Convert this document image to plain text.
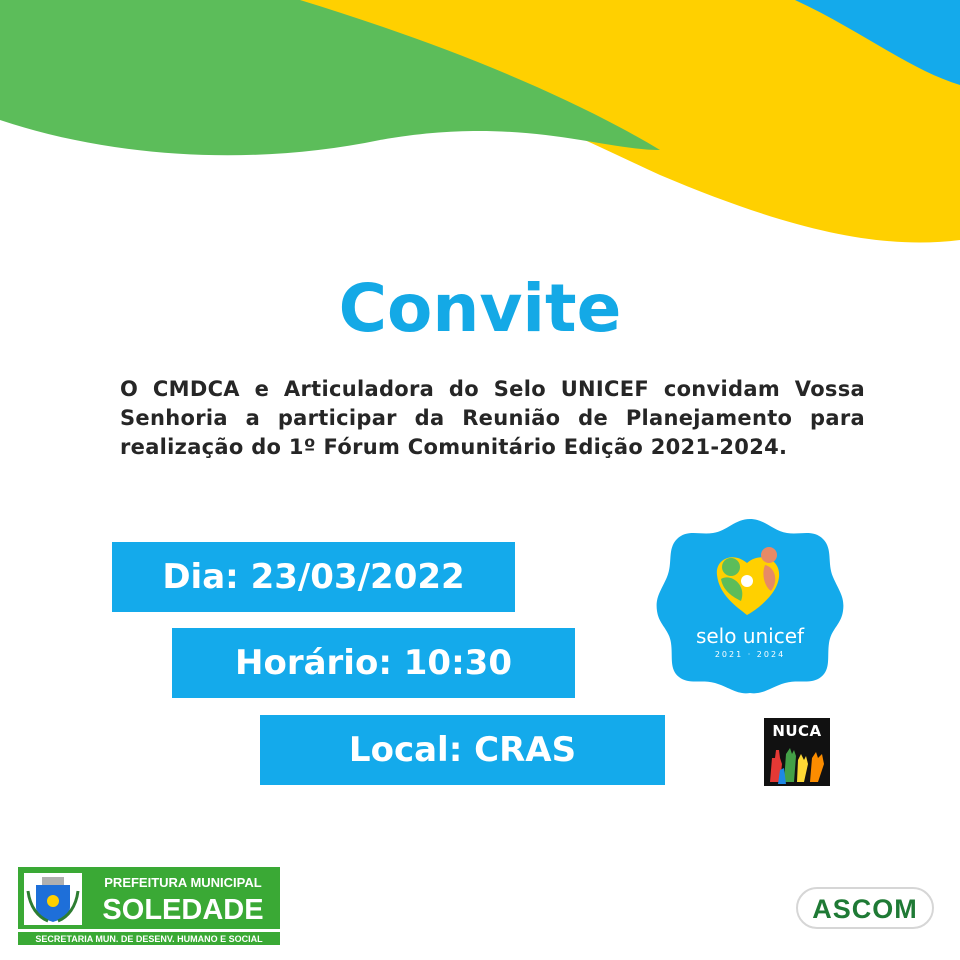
Convite
O CMDCA e Articuladora do Selo UNICEF convidam Vossa Senhoria a participar da Reunião de Planejamento para realização do 1º Fórum Comunitário Edição 2021-2024.
Dia: 23/03/2022
Horário: 10:30
Local: CRAS
selo unicef
2021 · 2024
NUCA
PREFEITURA MUNICIPAL
SOLEDADE
SECRETARIA MUN. DE DESENV. HUMANO E SOCIAL
ASCOM
